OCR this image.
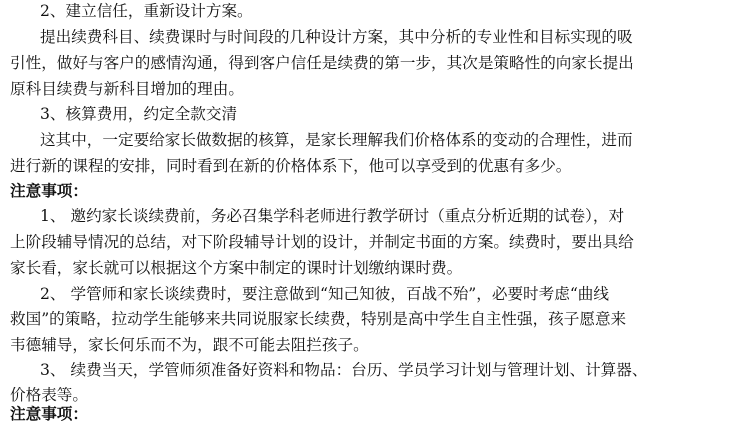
2、建立信任，重新设计方案。
提出续费科目、续费课时与时间段的几种设计方案，其中分析的专业性和目标实现的吸
引性，做好与客户的感情沟通，得到客户信任是续费的第一步，其次是策略性的向家长提出
原科目续费与新科目增加的理由。
3、核算费用，约定全款交清
这其中，一定要给家长做数据的核算，是家长理解我们价格体系的变动的合理性，进而
进行新的课程的安排，同时看到在新的价格体系下，他可以享受到的优惠有多少。
注意事项：
1、 邀约家长谈续费前，务必召集学科老师进行教学研讨（重点分析近期的试卷），对
上阶段辅导情况的总结，对下阶段辅导计划的设计，并制定书面的方案。续费时，要出具给
家长看，家长就可以根据这个方案中制定的课时计划缴纳课时费。
2、 学管师和家长谈续费时，要注意做到“知己知彼，百战不殆”，必要时考虑“曲线
救国”的策略，拉动学生能够来共同说服家长续费，特别是高中学生自主性强，孩子愿意来
韦德辅导，家长何乐而不为，跟不可能去阻拦孩子。
3、 续费当天，学管师须准备好资料和物品：台历、学员学习计划与管理计划、计算器、
价格表等。
注意事项：
